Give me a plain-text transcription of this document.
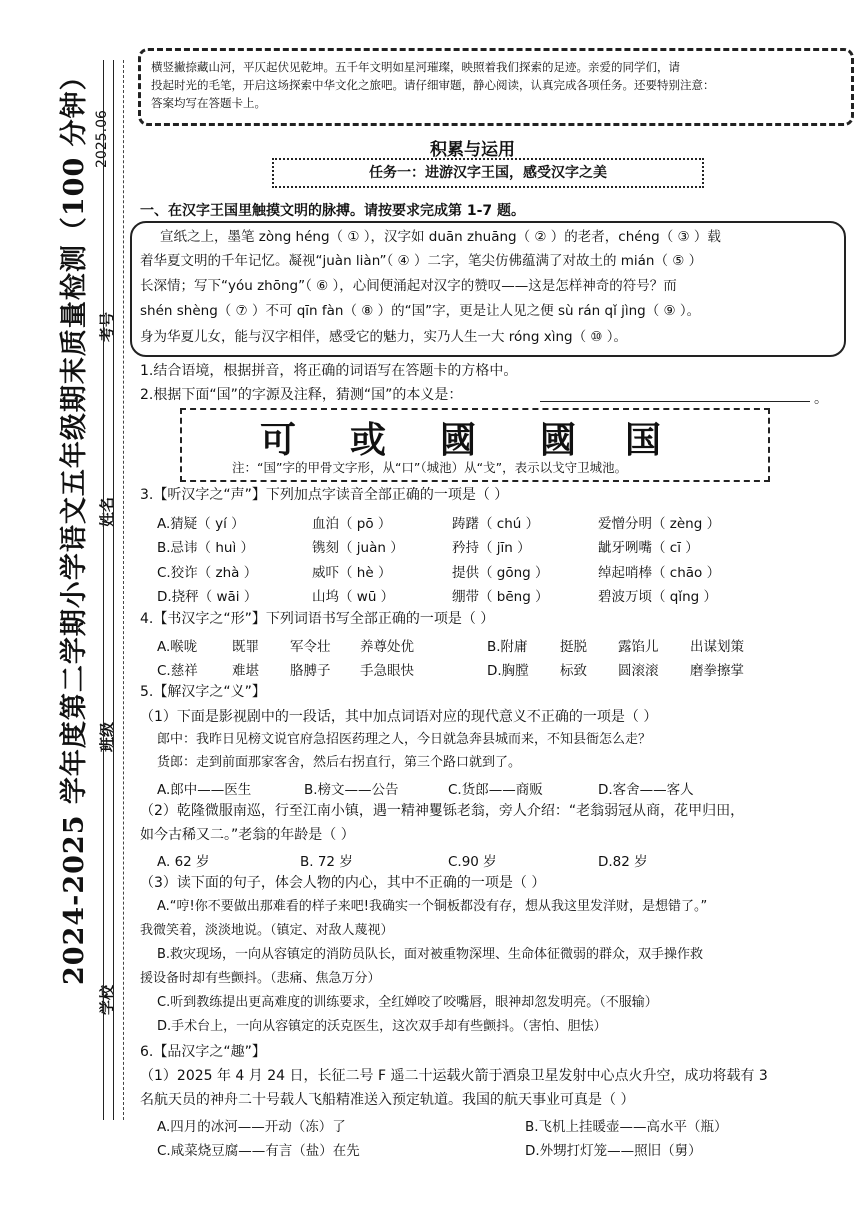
2024-2025 学年度第二学期小学语文五年级期末质量检测（100 分钟） 2025.06
学校
班级
姓名
考号
横竖撇捺藏山河，平仄起伏见乾坤。五千年文明如星河璀璨，映照着我们探索的足迹。亲爱的同学们，请
投起时光的毛笔，开启这场探索中华文化之旅吧。请仔细审题，静心阅读，认真完成各项任务。还要特别注意：
答案均写在答题卡上。
积累与运用
任务一：进游汉字王国，感受汉字之美
一、在汉字王国里触摸文明的脉搏。请按要求完成第 1-7 题。
宣纸之上，墨笔 zòng héng（ ① ），汉字如 duān zhuāng（ ② ）的老者，chéng（ ③ ）载
着华夏文明的千年记忆。凝视“juàn liàn”（ ④ ）二字，笔尖仿佛蕴满了对故土的 mián（ ⑤ ）
长深情；写下“yóu zhōng”（ ⑥ ），心间便涌起对汉字的赞叹——这是怎样神奇的符号？而
shén shèng（ ⑦ ）不可 qīn fàn（ ⑧ ）的“国”字，更是让人见之便 sù rán qǐ jìng（ ⑨ ）。
身为华夏儿女，能与汉字相伴，感受它的魅力，实乃人生一大 róng xìng（ ⑩ ）。
1.结合语境，根据拼音，将正确的词语写在答题卡的方格中。
2.根据下面“国”的字源及注释，猜测“国”的本义是：	。
可 或 國 國 国
注：“国”字的甲骨文字形，从“口”（城池）从“戈”，表示以戈守卫城池。
3.【听汉字之“声”】下列加点字读音全部正确的一项是（ ）
A.猜疑（ yí ）	血泊（ pō ）	踌躇（ chú ）	爱憎分明（ zèng ）
B.忌讳（ huì ）	镌刻（ juàn ）	矜持（ jīn ）	龇牙咧嘴（ cī ）
C.狡诈（ zhà ）	威吓（ hè ）	提供（ gōng ）	绰起哨棒（ chāo ）
D.挠秤（ wāi ）	山坞（ wū ）	绷带（ bēng ）	碧波万顷（ qǐng ）
4.【书汉字之“形”】下列词语书写全部正确的一项是（ ）
A.喉咙	既罪 军令壮 养尊处优	B.附庸 挺脱 露馅儿 出谋划策
C.慈祥	难堪 胳膊子 手急眼快	D.胸膛 标致 圆滚滚 磨拳擦掌
5.【解汉字之“义”】
（1）下面是影视剧中的一段话，其中加点词语对应的现代意义不正确的一项是（ ）
郎中：我昨日见榜文说官府急招医药理之人，今日就急奔县城而来，不知县衙怎么走？
货郎：走到前面那家客舍，然后右拐直行，第三个路口就到了。
A.郎中——医生	B.榜文——公告	C.货郎——商贩	D.客舍——客人
（2）乾隆微服南巡，行至江南小镇，遇一精神矍铄老翁，旁人介绍：“老翁弱冠从商，花甲归田，
如今古稀又二。”老翁的年龄是（ ）
A. 62 岁	B. 72 岁	C.90 岁	D.82 岁
（3）读下面的句子，体会人物的内心，其中不正确的一项是（ ）
A.“哼!你不要做出那难看的样子来吧!我确实一个铜板都没有存，想从我这里发洋财，是想错了。”
我微笑着，淡淡地说。（镇定、对敌人蔑视）
B.救灾现场，一向从容镇定的消防员队长，面对被重物深埋、生命体征微弱的群众，双手操作救
援设备时却有些颤抖。（悲痛、焦急万分）
C.听到教练提出更高难度的训练要求，全红婵咬了咬嘴唇，眼神却忽发明亮。（不服输）
D.手术台上，一向从容镇定的沃克医生，这次双手却有些颤抖。（害怕、胆怯）
6.【品汉字之“趣”】
（1）2025 年 4 月 24 日，长征二号 F 遥二十运载火箭于酒泉卫星发射中心点火升空，成功将载有 3
名航天员的神舟二十号载人飞船精准送入预定轨道。我国的航天事业可真是（ ）
A.四月的冰河——开动（冻）了	B.飞机上挂暖壶——高水平（瓶）
C.咸菜烧豆腐——有言（盐）在先	D.外甥打灯笼——照旧（舅）
